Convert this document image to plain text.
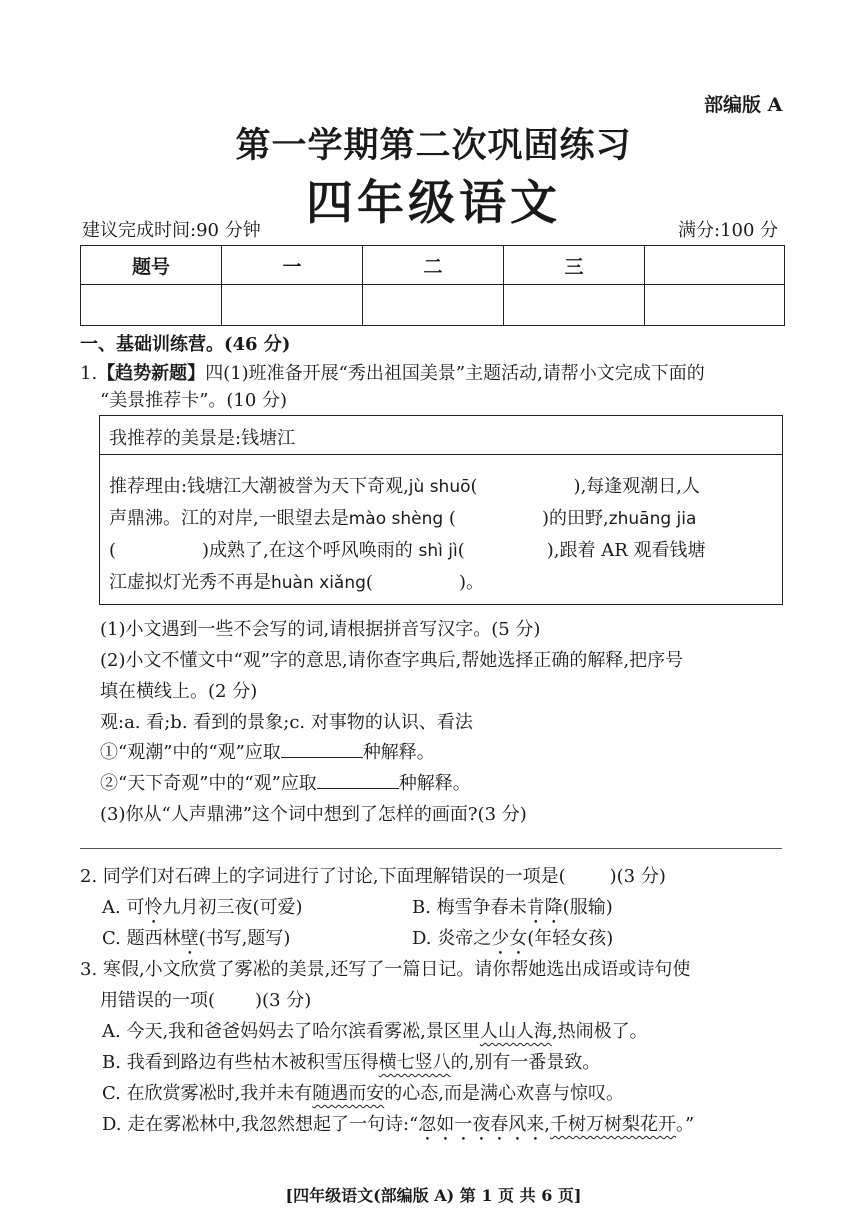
部编版 A
第一学期第二次巩固练习
四年级语文
建议完成时间:90 分钟	满分:100 分
题号	一	二	三	

一、基础训练营。(46 分)
1.【趋势新题】四(1)班准备开展“秀出祖国美景”主题活动,请帮小文完成下面的
“美景推荐卡”。(10 分)
我推荐的美景是:钱塘江
推荐理由:钱塘江大潮被誉为天下奇观,jù shuō(	),每逢观潮日,人
声鼎沸。江的对岸,一眼望去是mào shèng (	)的田野,zhuāng jia
(	)成熟了,在这个呼风唤雨的 shì jì(	),跟着 AR 观看钱塘
江虚拟灯光秀不再是huàn xiǎng(	)。
(1)小文遇到一些不会写的词,请根据拼音写汉字。(5 分)
(2)小文不懂文中“观”字的意思,请你查字典后,帮她选择正确的解释,把序号
填在横线上。(2 分)
观:a. 看;b. 看到的景象;c. 对事物的认识、看法
①“观潮”中的“观”应取	种解释。
②“天下奇观”中的“观”应取	种解释。
(3)你从“人声鼎沸”这个词中想到了怎样的画面?(3 分)
2. 同学们对石碑上的字词进行了讨论,下面理解错误的一项是( )(3 分)
A. 可怜九月初三夜(可爱)	B. 梅雪争春未肯降(服输)
C. 题西林壁(书写,题写)	D. 炎帝之少女(年轻女孩)
3. 寒假,小文欣赏了雾凇的美景,还写了一篇日记。请你帮她选出成语或诗句使
用错误的一项( )(3 分)
A. 今天,我和爸爸妈妈去了哈尔滨看雾凇,景区里人山人海,热闹极了。
B. 我看到路边有些枯木被积雪压得横七竖八的,别有一番景致。
C. 在欣赏雾凇时,我并未有随遇而安的心态,而是满心欢喜与惊叹。
D. 走在雾凇林中,我忽然想起了一句诗:“忽如一夜春风来,千树万树梨花开。”
[四年级语文(部编版 A) 第 1 页 共 6 页]
